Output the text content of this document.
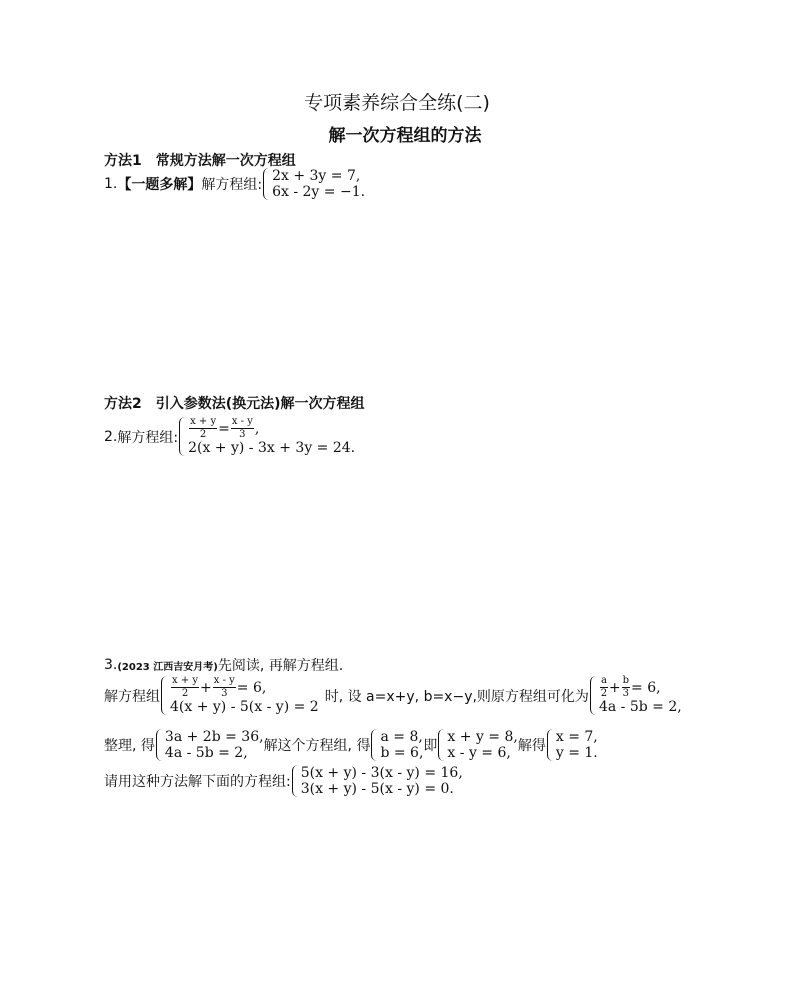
专项素养综合全练(二)
解一次方程组的方法
方法1 常规方法解一次方程组
1. 【一题多解】 解方程组:
2x + 3y = 7,
6x - 2y = −1.
方法2 引入参数法(换元法)解一次方程组
2. 解方程组: $\frac{x + y}{2} = \frac{x - y}{3}$ ,
2(x + y) - 3x + 3y = 24.
3. (2023 江西吉安月考) 先阅读, 再解方程组.
解方程组 $\frac{x + y}{2} + \frac{x - y}{3} = 6$,
4(x + y) - 5(x - y) = 2
时, 设 a=x+y, b=x−y,则原方程组可化为 $\frac{a}{2} + \frac{b}{3} = 6$,
4a - 5b = 2,
整理, 得
3a + 2b = 36,
4a - 5b = 2,	解这个方程组, 得
a = 8,
b = 6, 即
x + y = 8,
x - y = 6, 解得
x = 7,
y = 1.
请用这种方法解下面的方程组:
5(x + y) - 3(x - y) = 16,
3(x + y) - 5(x - y) = 0.
